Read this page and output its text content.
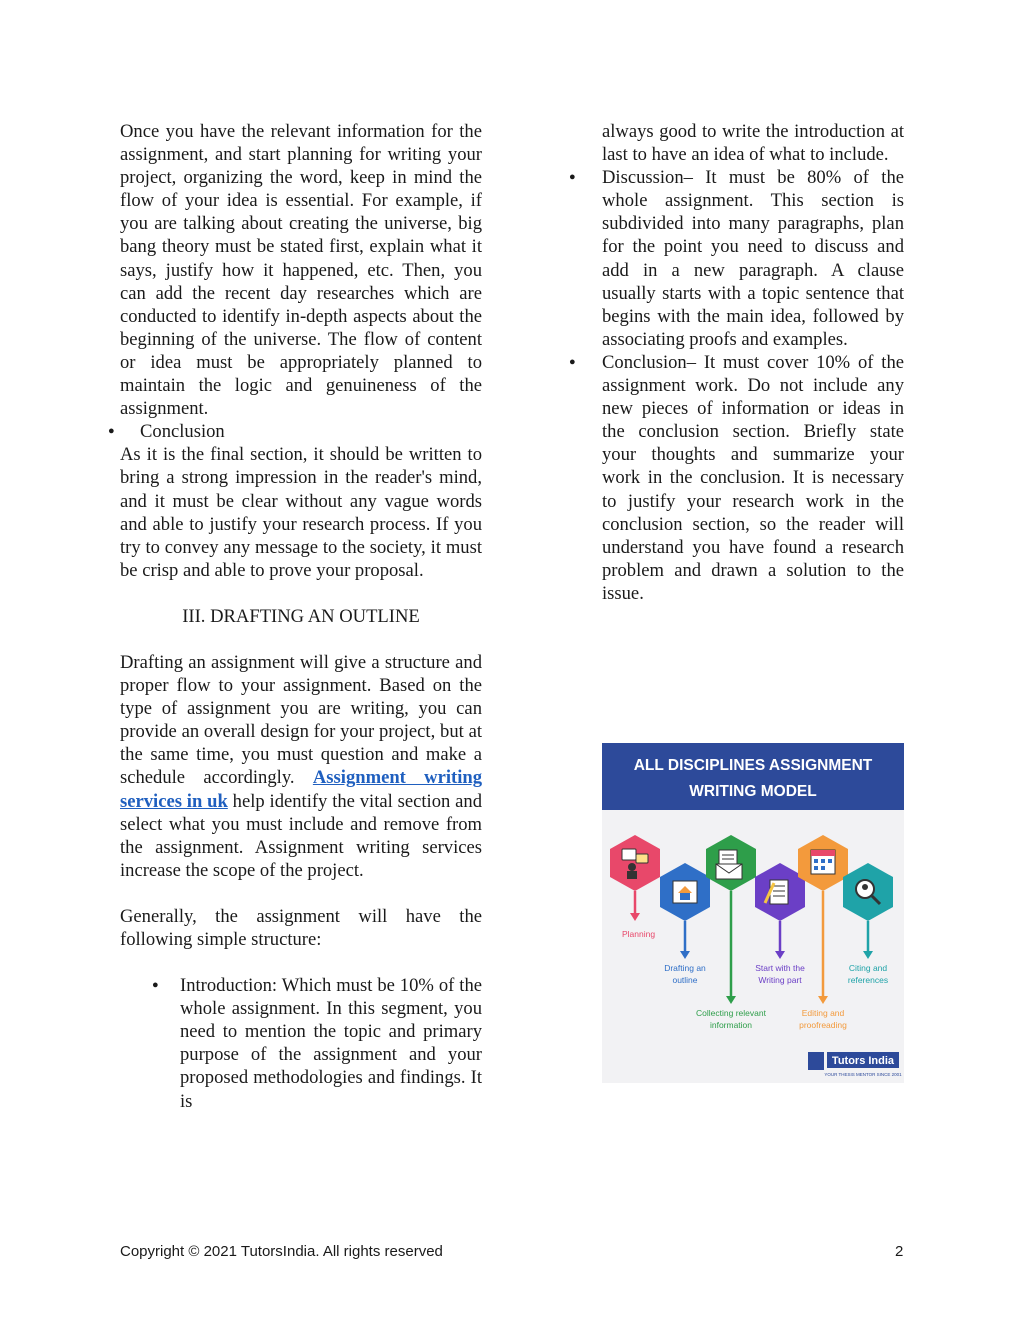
Once you have the relevant information for the assignment, and start planning for writing your project, organizing the word, keep in mind the flow of your idea is essential. For example, if you are talking about creating the universe, big bang theory must be stated first, explain what it says, justify how it happened, etc. Then, you can add the recent day researches which are conducted to identify in-depth aspects about the beginning of the universe. The flow of content or idea must be appropriately planned to maintain the logic and genuineness of the assignment.

● Conclusion

As it is the final section, it should be written to bring a strong impression in the reader's mind, and it must be clear without any vague words and able to justify your research process. If you try to convey any message to the society, it must be crisp and able to prove your proposal.

III. DRAFTING AN OUTLINE

Drafting an assignment will give a structure and proper flow to your assignment. Based on the type of assignment you are writing, you can provide an overall design for your project, but at the same time, you must question and make a schedule accordingly. Assignment writing services in uk help identify the vital section and select what you must include and remove from the assignment. Assignment writing services increase the scope of the project.

Generally, the assignment will have the following simple structure:

● Introduction: Which must be 10% of the whole assignment. In this segment, you need to mention the topic and primary purpose of the assignment and your proposed methodologies and findings. It is

always good to write the introduction at last to have an idea of what to include.

● Discussion– It must be 80% of the whole assignment. This section is subdivided into many paragraphs, plan for the point you need to discuss and add in a new paragraph. A clause usually starts with a topic sentence that begins with the main idea, followed by associating proofs and examples.

● Conclusion– It must cover 10% of the assignment work. Do not include any new pieces of information or ideas in the conclusion section. Briefly state your thoughts and summarize your work in the conclusion. It is necessary to justify your research work in the conclusion section, so the reader will understand you have found a research problem and drawn a solution to the issue.

ALL DISCIPLINES ASSIGNMENT
WRITING MODEL
Planning
Drafting an
outline
Collecting relevant
information
Start with the
Writing part
Editing and
proofreading
Citing and
references
Tutors India
YOUR THESIS MENTOR SINCE 2001
Copyright © 2021 TutorsIndia. All rights reserved	2
